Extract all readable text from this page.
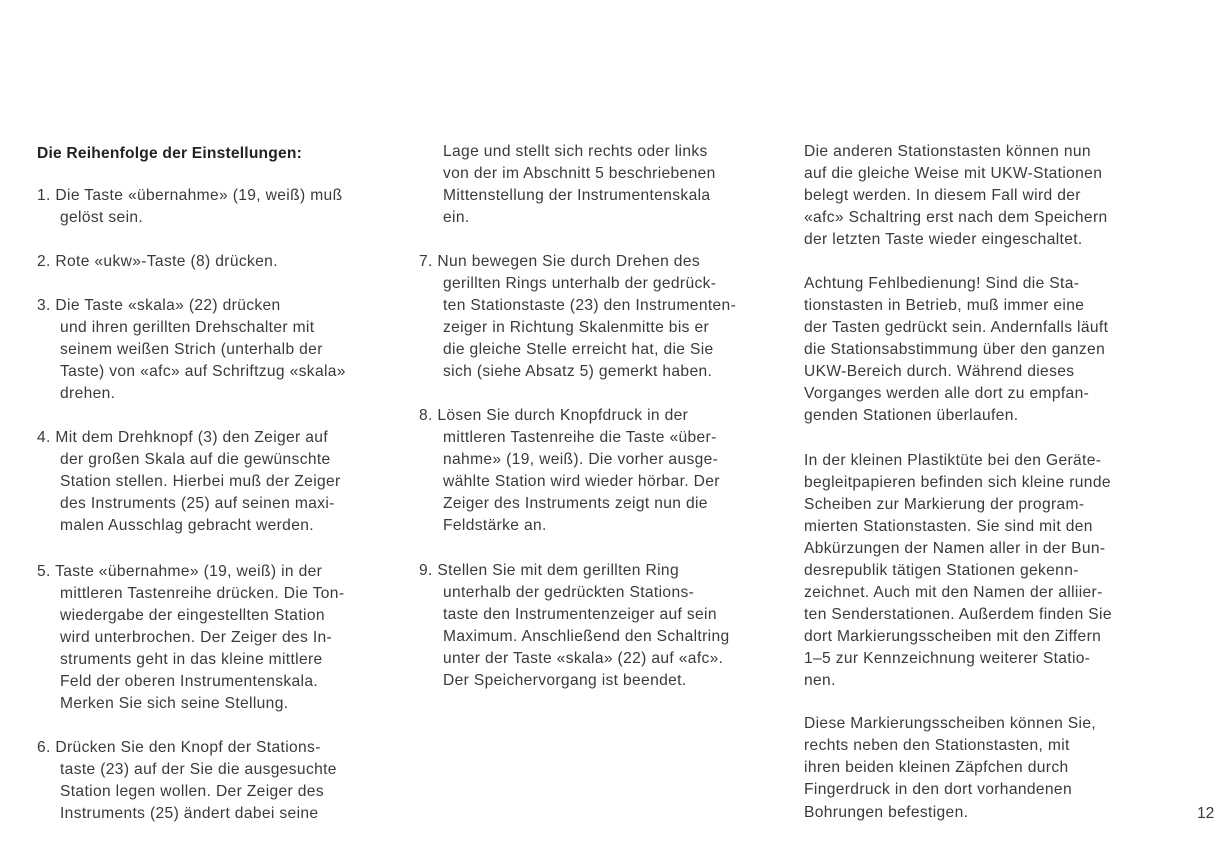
Die Reihenfolge der Einstellungen:
1. Die Taste «übernahme» (19, weiß) muß
gelöst sein.
2. Rote «ukw»-Taste (8) drücken.
3. Die Taste «skala» (22) drücken
und ihren gerillten Drehschalter mit
seinem weißen Strich (unterhalb der
Taste) von «afc» auf Schriftzug «skala»
drehen.
4. Mit dem Drehknopf (3) den Zeiger auf
der großen Skala auf die gewünschte
Station stellen. Hierbei muß der Zeiger
des Instruments (25) auf seinen maxi-
malen Ausschlag gebracht werden.
5. Taste «übernahme» (19, weiß) in der
mittleren Tastenreihe drücken. Die Ton-
wiedergabe der eingestellten Station
wird unterbrochen. Der Zeiger des In-
struments geht in das kleine mittlere
Feld der oberen Instrumentenskala.
Merken Sie sich seine Stellung.
6. Drücken Sie den Knopf der Stations-
taste (23) auf der Sie die ausgesuchte
Station legen wollen. Der Zeiger des
Instruments (25) ändert dabei seine
Lage und stellt sich rechts oder links
von der im Abschnitt 5 beschriebenen
Mittenstellung der Instrumentenskala
ein.
7. Nun bewegen Sie durch Drehen des
gerillten Rings unterhalb der gedrück-
ten Stationstaste (23) den Instrumenten-
zeiger in Richtung Skalenmitte bis er
die gleiche Stelle erreicht hat, die Sie
sich (siehe Absatz 5) gemerkt haben.
8. Lösen Sie durch Knopfdruck in der
mittleren Tastenreihe die Taste «über-
nahme» (19, weiß). Die vorher ausge-
wählte Station wird wieder hörbar. Der
Zeiger des Instruments zeigt nun die
Feldstärke an.
9. Stellen Sie mit dem gerillten Ring
unterhalb der gedrückten Stations-
taste den Instrumentenzeiger auf sein
Maximum. Anschließend den Schaltring
unter der Taste «skala» (22) auf «afc».
Der Speichervorgang ist beendet.
Die anderen Stationstasten können nun
auf die gleiche Weise mit UKW-Stationen
belegt werden. In diesem Fall wird der
«afc» Schaltring erst nach dem Speichern
der letzten Taste wieder eingeschaltet.
Achtung Fehlbedienung! Sind die Sta-
tionstasten in Betrieb, muß immer eine
der Tasten gedrückt sein. Andernfalls läuft
die Stationsabstimmung über den ganzen
UKW-Bereich durch. Während dieses
Vorganges werden alle dort zu empfan-
genden Stationen überlaufen.
In der kleinen Plastiktüte bei den Geräte-
begleitpapieren befinden sich kleine runde
Scheiben zur Markierung der program-
mierten Stationstasten. Sie sind mit den
Abkürzungen der Namen aller in der Bun-
desrepublik tätigen Stationen gekenn-
zeichnet. Auch mit den Namen der alliier-
ten Senderstationen. Außerdem finden Sie
dort Markierungsscheiben mit den Ziffern
1–5 zur Kennzeichnung weiterer Statio-
nen.
Diese Markierungsscheiben können Sie,
rechts neben den Stationstasten, mit
ihren beiden kleinen Zäpfchen durch
Fingerdruck in den dort vorhandenen
Bohrungen befestigen.	12
